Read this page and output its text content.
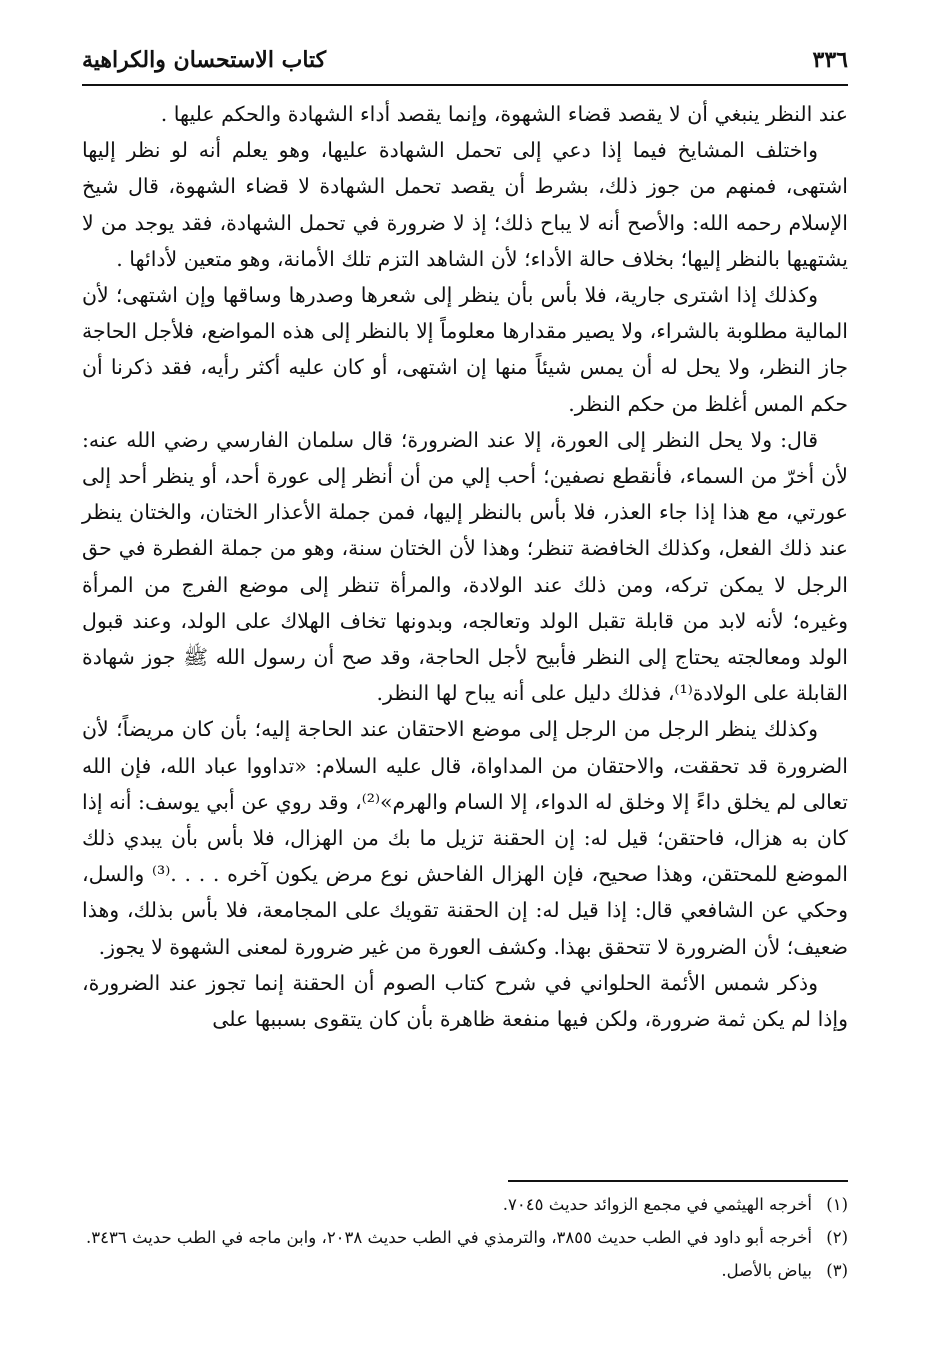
٣٣٦
كتاب الاستحسان والكراهية

عند النظر ينبغي أن لا يقصد قضاء الشهوة، وإنما يقصد أداء الشهادة والحكم عليها .

واختلف المشايخ فيما إذا دعي إلى تحمل الشهادة عليها، وهو يعلم أنه لو نظر إليها اشتهى، فمنهم من جوز ذلك، بشرط أن يقصد تحمل الشهادة لا قضاء الشهوة، قال شيخ الإسلام رحمه الله: والأصح أنه لا يباح ذلك؛ إذ لا ضرورة في تحمل الشهادة، فقد يوجد من لا يشتهيها بالنظر إليها؛ بخلاف حالة الأداء؛ لأن الشاهد التزم تلك الأمانة، وهو متعين لأدائها .

وكذلك إذا اشترى جارية، فلا بأس بأن ينظر إلى شعرها وصدرها وساقها وإن اشتهى؛ لأن المالية مطلوبة بالشراء، ولا يصير مقدارها معلوماً إلا بالنظر إلى هذه المواضع، فلأجل الحاجة جاز النظر، ولا يحل له أن يمس شيئاً منها إن اشتهى، أو كان عليه أكثر رأيه، فقد ذكرنا أن حكم المس أغلظ من حكم النظر.

قال: ولا يحل النظر إلى العورة، إلا عند الضرورة؛ قال سلمان الفارسي رضي الله عنه: لأن أخرّ من السماء، فأنقطع نصفين؛ أحب إلي من أن أنظر إلى عورة أحد، أو ينظر أحد إلى عورتي، مع هذا إذا جاء العذر، فلا بأس بالنظر إليها، فمن جملة الأعذار الختان، والختان ينظر عند ذلك الفعل، وكذلك الخافضة تنظر؛ وهذا لأن الختان سنة، وهو من جملة الفطرة في حق الرجل لا يمكن تركه، ومن ذلك عند الولادة، والمرأة تنظر إلى موضع الفرج من المرأة وغيره؛ لأنه لابد من قابلة تقبل الولد وتعالجه، وبدونها تخاف الهلاك على الولد، وعند قبول الولد ومعالجته يحتاج إلى النظر فأبيح لأجل الحاجة، وقد صح أن رسول الله ﷺ جوز شهادة القابلة على الولادة⁽¹⁾، فذلك دليل على أنه يباح لها النظر.

وكذلك ينظر الرجل من الرجل إلى موضع الاحتقان عند الحاجة إليه؛ بأن كان مريضاً؛ لأن الضرورة قد تحققت، والاحتقان من المداواة، قال عليه السلام: «تداووا عباد الله، فإن الله تعالى لم يخلق داءً إلا وخلق له الدواء، إلا السام والهرم»⁽²⁾، وقد روي عن أبي يوسف: أنه إذا كان به هزال، فاحتقن؛ قيل له: إن الحقنة تزيل ما بك من الهزال، فلا بأس بأن يبدي ذلك الموضع للمحتقن، وهذا صحيح، فإن الهزال الفاحش نوع مرض يكون آخره . . . .⁽³⁾ والسل، وحكي عن الشافعي قال: إذا قيل له: إن الحقنة تقويك على المجامعة، فلا بأس بذلك، وهذا ضعيف؛ لأن الضرورة لا تتحقق بهذا. وكشف العورة من غير ضرورة لمعنى الشهوة لا يجوز.

وذكر شمس الأئمة الحلواني في شرح كتاب الصوم أن الحقنة إنما تجوز عند الضرورة، وإذا لم يكن ثمة ضرورة، ولكن فيها منفعة ظاهرة بأن كان يتقوى بسببها على

(١)
أخرجه الهيثمي في مجمع الزوائد حديث ٧٠٤٥.
(٢)
أخرجه أبو داود في الطب حديث ٣٨٥٥، والترمذي في الطب حديث ٢٠٣٨، وابن ماجه في الطب حديث ٣٤٣٦.
(٣)
بياض بالأصل.
